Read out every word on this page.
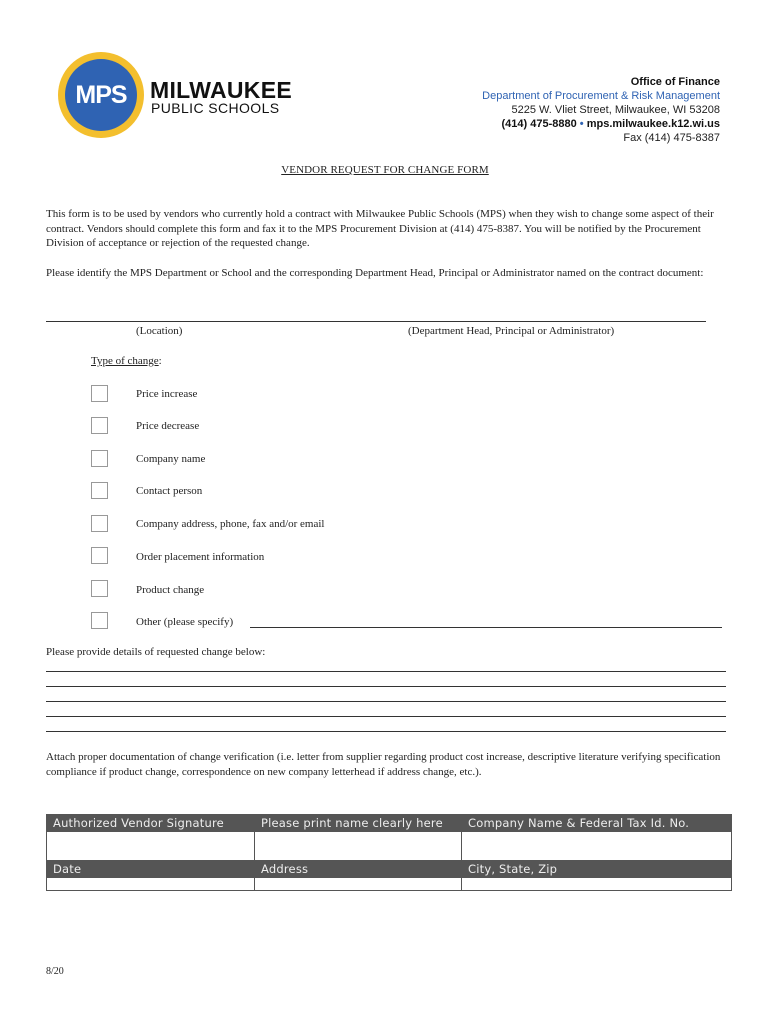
MPS MILWAUKEE
PUBLIC SCHOOLS
Office of Finance
Department of Procurement & Risk Management
5225 W. Vliet Street, Milwaukee, WI 53208
(414) 475-8880 • mps.milwaukee.k12.wi.us
Fax (414) 475-8387
VENDOR REQUEST FOR CHANGE FORM
This form is to be used by vendors who currently hold a contract with Milwaukee Public Schools (MPS) when they wish to change some aspect of their contract. Vendors should complete this form and fax it to the MPS Procurement Division at (414) 475-8387. You will be notified by the Procurement Division of acceptance or rejection of the requested change.
Please identify the MPS Department or School and the corresponding Department Head, Principal or Administrator named on the contract document:
(Location)	(Department Head, Principal or Administrator)
Type of change:
Price increase
Price decrease
Company name
Contact person
Company address, phone, fax and/or email
Order placement information
Product change
Other (please specify)
Please provide details of requested change below:
Attach proper documentation of change verification (i.e. letter from supplier regarding product cost increase, descriptive literature verifying specification compliance if product change, correspondence on new company letterhead if address change, etc.).
Authorized Vendor Signature	Please print name clearly here	Company Name & Federal Tax Id. No.

Date	Address	City, State, Zip

8/20
